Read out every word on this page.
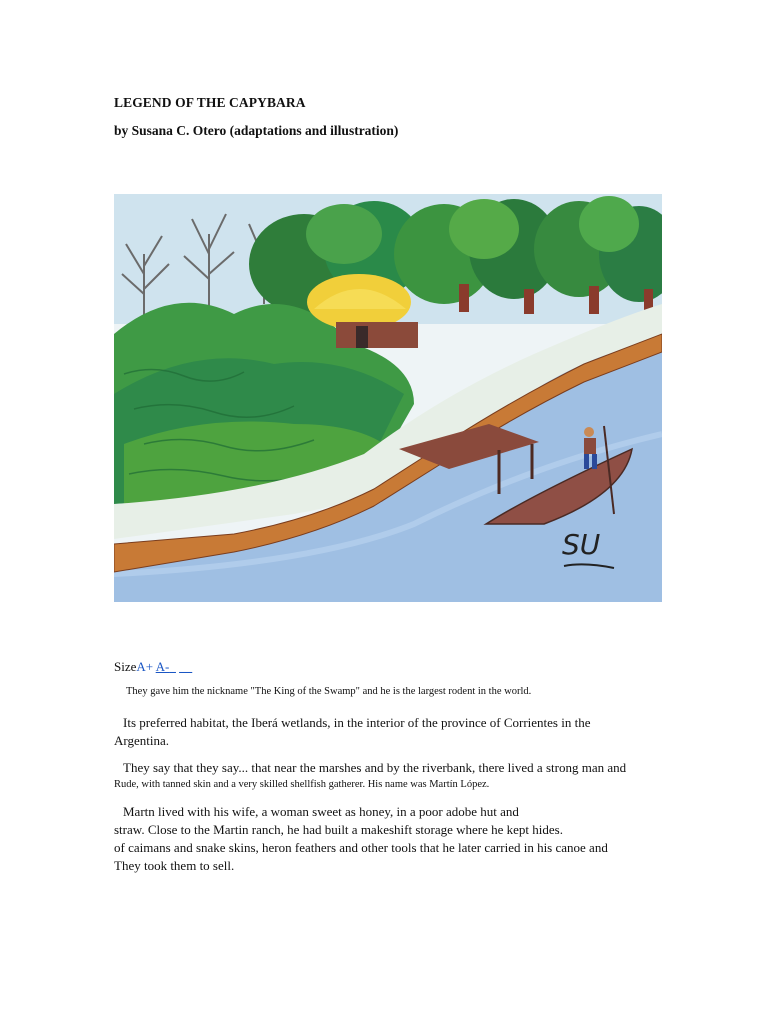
LEGEND OF THE CAPYBARA
by Susana C. Otero (adaptations and illustration)
SU
SizeA+ A-_ __
They gave him the nickname "The King of the Swamp" and he is the largest rodent in the world.
Its preferred habitat, the Iberá wetlands, in the interior of the province of Corrientes in the
Argentina.
They say that they say... that near the marshes and by the riverbank, there lived a strong man and
Rude, with tanned skin and a very skilled shellfish gatherer. His name was Martín López.
Martn lived with his wife, a woman sweet as honey, in a poor adobe hut and
straw. Close to the Martin ranch, he had built a makeshift storage where he kept hides.
of caimans and snake skins, heron feathers and other tools that he later carried in his canoe and
They took them to sell.
